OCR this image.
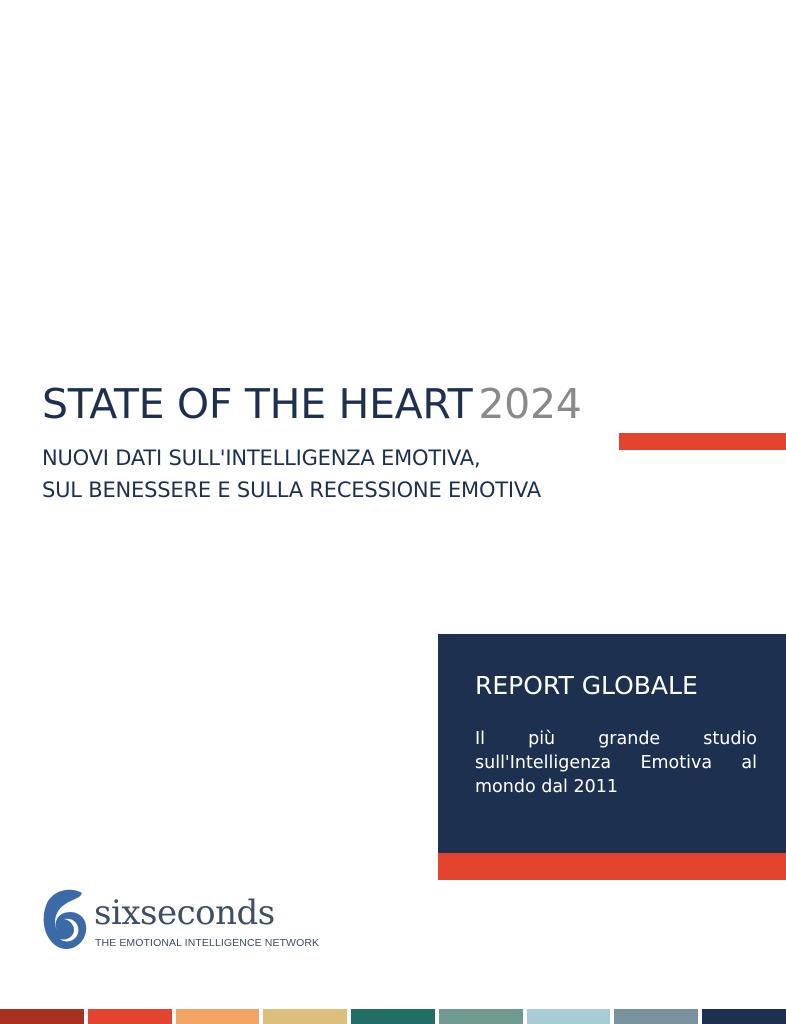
STATE OF THE HEART 2024
NUOVI DATI SULL'INTELLIGENZA EMOTIVA,
SUL BENESSERE E SULLA RECESSIONE EMOTIVA
REPORT GLOBALE
Il più grande studio sull'Intelligenza Emotiva al mondo dal 2011
sixseconds
THE EMOTIONAL INTELLIGENCE NETWORK
